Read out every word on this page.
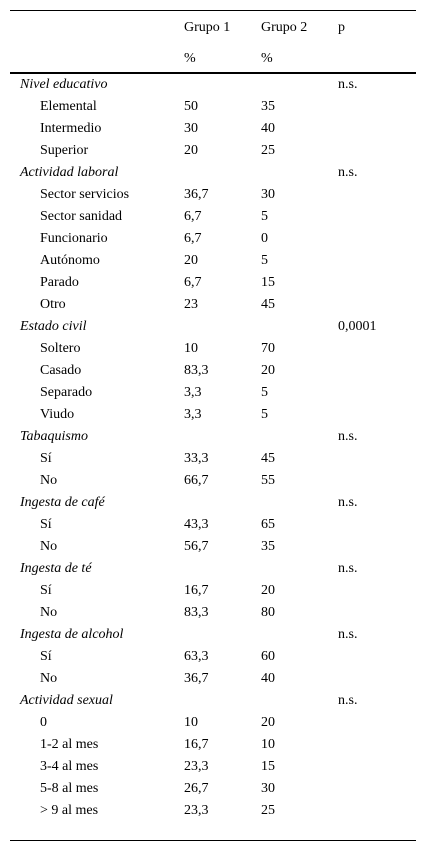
	Grupo 1	Grupo 2	p
	%	%	
Nivel educativo			n.s.
Elemental	50	35	
Intermedio	30	40	
Superior	20	25	
Actividad laboral			n.s.
Sector servicios	36,7	30	
Sector sanidad	6,7	5	
Funcionario	6,7	0	
Autónomo	20	5	
Parado	6,7	15	
Otro	23	45	
Estado civil			0,0001
Soltero	10	70	
Casado	83,3	20	
Separado	3,3	5	
Viudo	3,3	5	
Tabaquismo			n.s.
Sí	33,3	45	
No	66,7	55	
Ingesta de café			n.s.
Sí	43,3	65	
No	56,7	35	
Ingesta de té			n.s.
Sí	16,7	20	
No	83,3	80	
Ingesta de alcohol			n.s.
Sí	63,3	60	
No	36,7	40	
Actividad sexual			n.s.
0	10	20	
1-2 al mes	16,7	10	
3-4 al mes	23,3	15	
5-8 al mes	26,7	30	
> 9 al mes	23,3	25	
